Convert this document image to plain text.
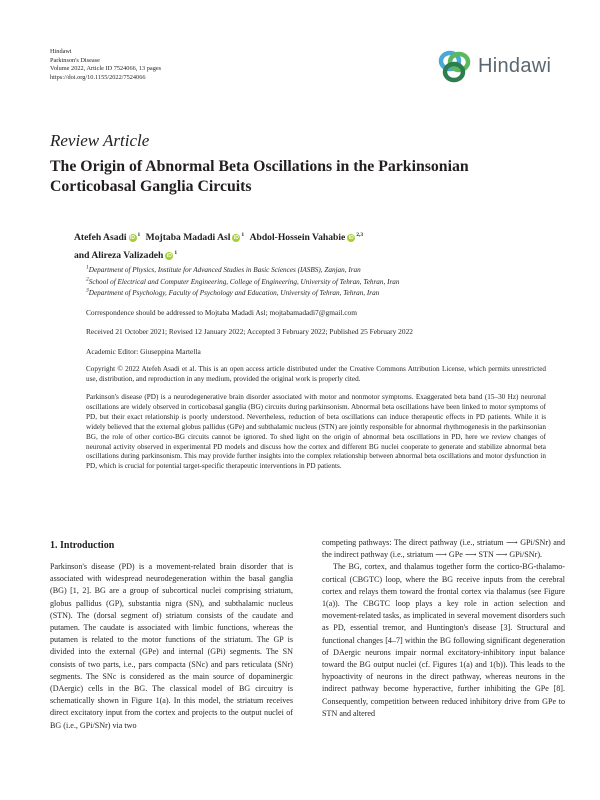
Hindawi
Parkinson's Disease
Volume 2022, Article ID 7524066, 13 pages
https://doi.org/10.1155/2022/7524066	Hindawi
Review Article
The Origin of Abnormal Beta Oscillations in the Parkinsonian
Corticobasal Ganglia Circuits
Atefeh Asadi $iD^1$ Mojtaba Madadi Asl $iD^1$ Abdol-Hossein Vahabie iD$^{2,3}$
and Alireza Valizadeh $iD^1$
$^1$Department of Physics, Institute for Advanced Studies in Basic Sciences (IASBS), Zanjan, Iran
$^2$School of Electrical and Computer Engineering, College of Engineering, University of Tehran, Tehran, Iran
$^3$Department of Psychology, Faculty of Psychology and Education, University of Tehran, Tehran, Iran
Correspondence should be addressed to Mojtaba Madadi Asl; mojtabamadadi7@gmail.com
Received 21 October 2021; Revised 12 January 2022; Accepted 3 February 2022; Published 25 February 2022
Academic Editor: Giuseppina Martella
Copyright © 2022 Atefeh Asadi et al. This is an open access article distributed under the Creative Commons Attribution License, which permits unrestricted use, distribution, and reproduction in any medium, provided the original work is properly cited.
Parkinson's disease (PD) is a neurodegenerative brain disorder associated with motor and nonmotor symptoms. Exaggerated beta band (15–30 Hz) neuronal oscillations are widely observed in corticobasal ganglia (BG) circuits during parkinsonism. Abnormal beta oscillations have been linked to motor symptoms of PD, but their exact relationship is poorly understood. Nevertheless, reduction of beta oscillations can induce therapeutic effects in PD patients. While it is widely believed that the external globus pallidus (GPe) and subthalamic nucleus (STN) are jointly responsible for abnormal rhythmogenesis in the parkinsonian BG, the role of other cortico-BG circuits cannot be ignored. To shed light on the origin of abnormal beta oscillations in PD, here we review changes of neuronal activity observed in experimental PD models and discuss how the cortex and different BG nuclei cooperate to generate and stabilize abnormal beta oscillations during parkinsonism. This may provide further insights into the complex relationship between abnormal beta oscillations and motor dysfunction in PD, which is crucial for potential target-specific therapeutic interventions in PD patients.
1. Introduction

Parkinson's disease (PD) is a movement-related brain disorder that is associated with widespread neurodegeneration within the basal ganglia (BG) [1, 2]. BG are a group of subcortical nuclei comprising striatum, globus pallidus (GP), substantia nigra (SN), and subthalamic nucleus (STN). The (dorsal segment of) striatum consists of the caudate and putamen. The caudate is associated with limbic functions, whereas the putamen is related to the motor functions of the striatum. The GP is divided into the external (GPe) and internal (GPi) segments. The SN consists of two parts, i.e., pars compacta (SNc) and pars reticulata (SNr) segments. The SNc is considered as the main source of dopaminergic (DAergic) cells in the BG. The classical model of BG circuitry is schematically shown in Figure 1(a). In this model, the striatum receives direct excitatory input from the cortex and projects to the output nuclei of BG (i.e., GPi/SNr) via two

competing pathways: The direct pathway (i.e., striatum ⟶ GPi/SNr) and the indirect pathway (i.e., striatum ⟶ GPe ⟶ STN ⟶ GPi/SNr).

The BG, cortex, and thalamus together form the cortico-BG-thalamo-cortical (CBGTC) loop, where the BG receive inputs from the cerebral cortex and relays them toward the frontal cortex via thalamus (see Figure 1(a)). The CBGTC loop plays a key role in action selection and movement-related tasks, as implicated in several movement disorders such as PD, essential tremor, and Huntington's disease [3]. Structural and functional changes [4–7] within the BG following significant degeneration of DAergic neurons impair normal excitatory-inhibitory input balance toward the BG output nuclei (cf. Figures 1(a) and 1(b)). This leads to the hypoactivity of neurons in the direct pathway, whereas neurons in the indirect pathway become hyperactive, further inhibiting the GPe [8]. Consequently, competition between reduced inhibitory drive from GPe to STN and altered
